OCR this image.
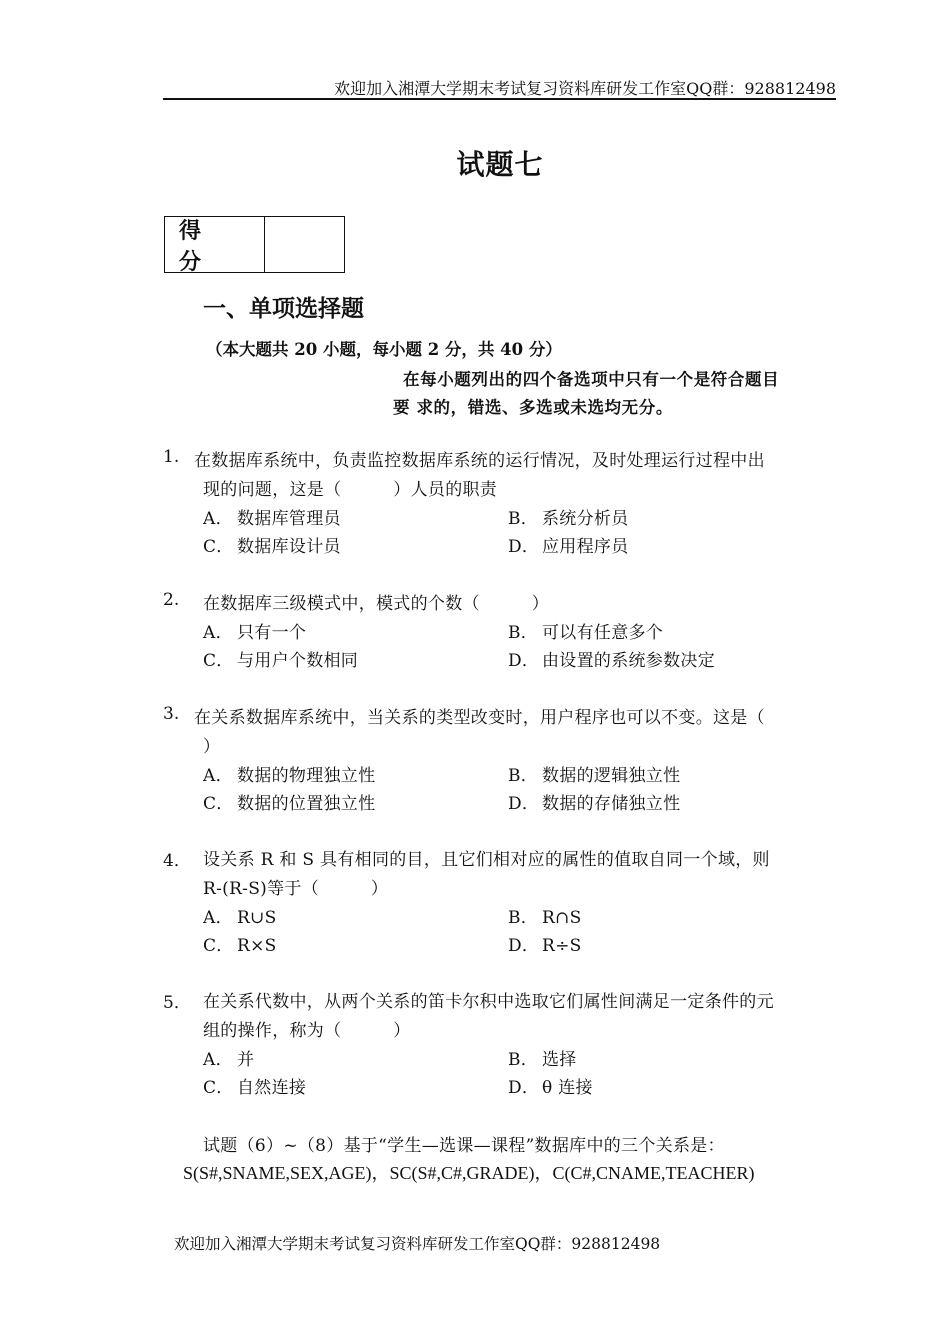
欢迎加入湘潭大学期末考试复习资料库研发工作室QQ群：928812498
试题七
得 分
一、单项选择题
（本大题共 20 小题，每小题 2 分，共 40 分）
在每小题列出的四个备选项中只有一个是符合题目
要 求的，错选、多选或未选均无分。
1. 在数据库系统中，负责监控数据库系统的运行情况，及时处理运行过程中出
现的问题，这是（　　　）人员的职责
A． 数据库管理员	B． 系统分析员
C． 数据库设计员	D． 应用程序员
2. 在数据库三级模式中，模式的个数（　　　）
A． 只有一个	B． 可以有任意多个
C． 与用户个数相同	D． 由设置的系统参数决定
3. 在关系数据库系统中，当关系的类型改变时，用户程序也可以不变。这是（
）
A． 数据的物理独立性	B． 数据的逻辑独立性
C． 数据的位置独立性	D． 数据的存储独立性
4． 设关系 R 和 S 具有相同的目，且它们相对应的属性的值取自同一个域，则
R-(R-S)等于（　　　）
A． R∪S	B． R∩S
C． R×S	D． R÷S
5． 在关系代数中，从两个关系的笛卡尔积中选取它们属性间满足一定条件的元
组的操作，称为（　　　）
A． 并	B． 选择
C． 自然连接	D． θ 连接
试题（6）~（8）基于“学生—选课—课程”数据库中的三个关系是：
S(S#,SNAME,SEX,AGE)，SC(S#,C#,GRADE)，C(C#,CNAME,TEACHER)
欢迎加入湘潭大学期末考试复习资料库研发工作室QQ群：928812498
